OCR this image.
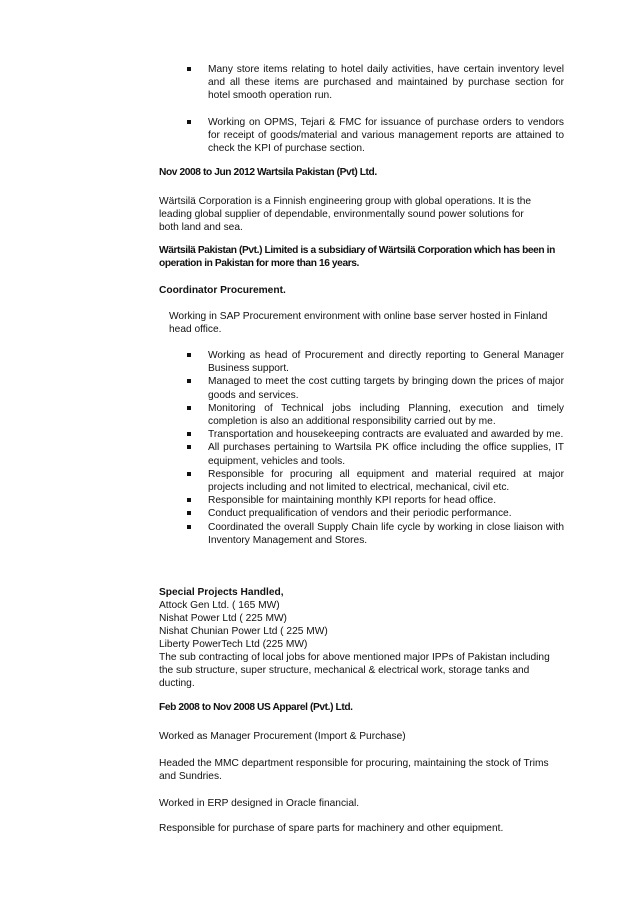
Many store items relating to hotel daily activities, have certain inventory level and all these items are purchased and maintained by purchase section for hotel smooth operation run.
Working on OPMS, Tejari & FMC for issuance of purchase orders to vendors for receipt of goods/material and various management reports are attained to check the KPI of purchase section.
Nov 2008 to Jun 2012 Wartsila Pakistan (Pvt) Ltd.
Wärtsilä Corporation is a Finnish engineering group with global operations. It is the
leading global supplier of dependable, environmentally sound power solutions for
both land and sea.
Wärtsilä Pakistan (Pvt.) Limited is a subsidiary of Wärtsilä Corporation which has been in
operation in Pakistan for more than 16 years.
Coordinator Procurement.
Working in SAP Procurement environment with online base server hosted in Finland
head office.
Working as head of Procurement and directly reporting to General Manager Business support.
Managed to meet the cost cutting targets by bringing down the prices of major goods and services.
Monitoring of Technical jobs including Planning, execution and timely completion is also an additional responsibility carried out by me.
Transportation and housekeeping contracts are evaluated and awarded by me.
All purchases pertaining to Wartsila PK office including the office supplies, IT equipment, vehicles and tools.
Responsible for procuring all equipment and material required at major projects including and not limited to electrical, mechanical, civil etc.
Responsible for maintaining monthly KPI reports for head office.
Conduct prequalification of vendors and their periodic performance.
Coordinated the overall Supply Chain life cycle by working in close liaison with Inventory Management and Stores.
Special Projects Handled,
Attock Gen Ltd. ( 165 MW)
Nishat Power Ltd ( 225 MW)
Nishat Chunian Power Ltd ( 225 MW)
Liberty PowerTech Ltd (225 MW)
The sub contracting of local jobs for above mentioned major IPPs of Pakistan including
the sub structure, super structure, mechanical & electrical work, storage tanks and
ducting.
Feb 2008 to Nov 2008 US Apparel (Pvt.) Ltd.
Worked as Manager Procurement (Import & Purchase)
Headed the MMC department responsible for procuring, maintaining the stock of Trims
and Sundries.
Worked in ERP designed in Oracle financial.
Responsible for purchase of spare parts for machinery and other equipment.
